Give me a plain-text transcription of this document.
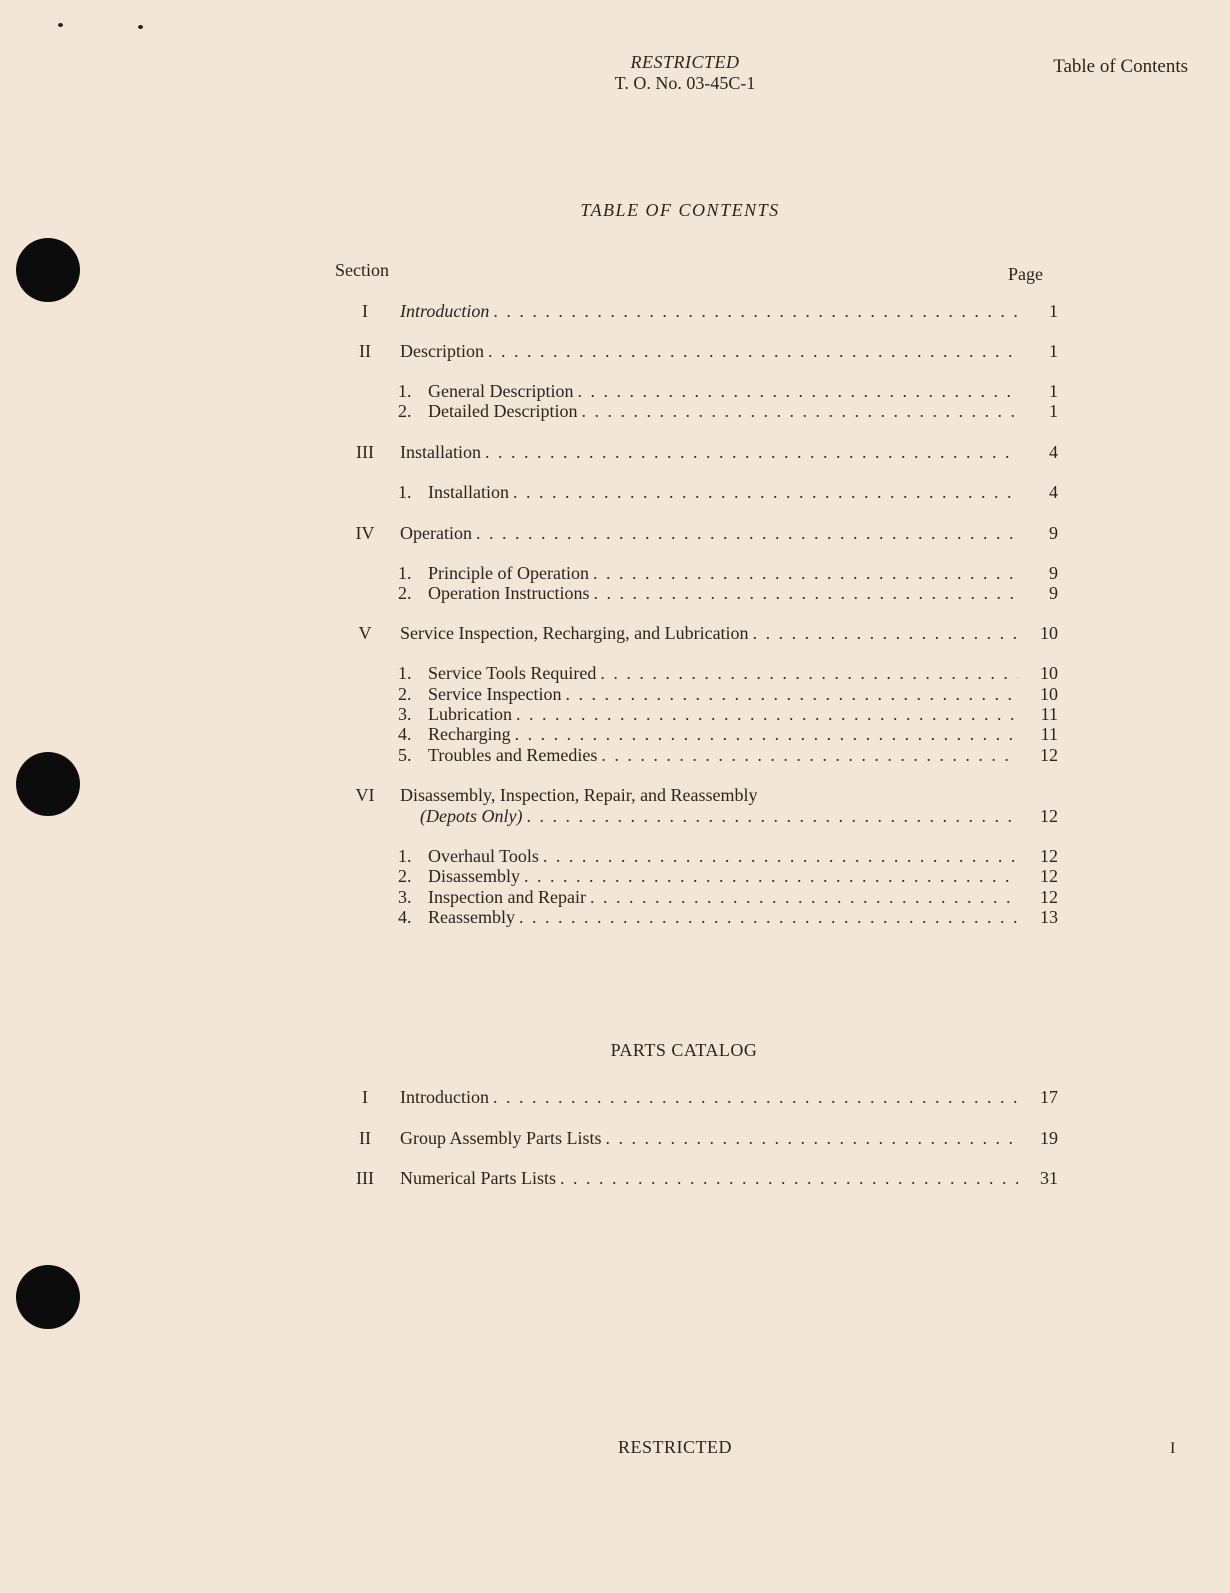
RESTRICTED
T. O. No. 03-45C-1
Table of Contents
TABLE OF CONTENTS
Section	Page
I	Introduction . . .	1
II	Description . . .	1
1. General Description . . .	1
2. Detailed Description . . .	1
III	Installation . . .	4
1. Installation . . .	4
IV	Operation . . .	9
1. Principle of Operation . . .	9
2. Operation Instructions . . .	9
V	Service Inspection, Recharging, and Lubrication . . .	10
1. Service Tools Required . . .	10
2. Service Inspection . . .	10
3. Lubrication . . .	11
4. Recharging . . .	11
5. Troubles and Remedies . . .	12
VI	Disassembly, Inspection, Repair, and Reassembly
(Depots Only) . . .	12
1. Overhaul Tools . . .	12
2. Disassembly . . .	12
3. Inspection and Repair . . .	12
4. Reassembly . . .	13
PARTS CATALOG
I	Introduction . . .	17
II	Group Assembly Parts Lists . . .	19
III	Numerical Parts Lists . . .	31
RESTRICTED	I
